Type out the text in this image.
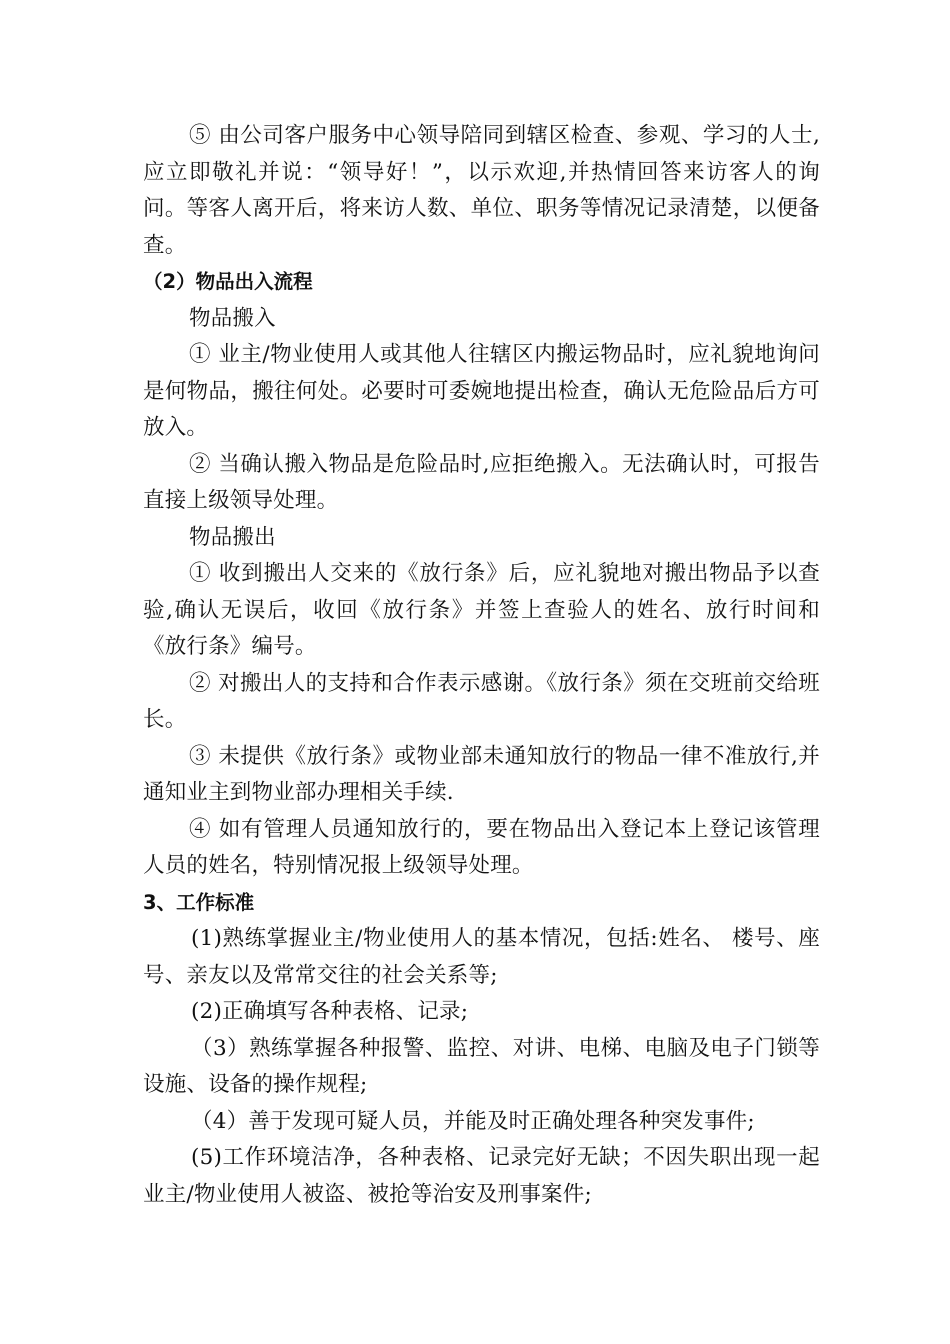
⑤ 由公司客户服务中心领导陪同到辖区检查、参观、学习的人士,应立即敬礼并说：“领导好！”，以示欢迎,并热情回答来访客人的询问。等客人离开后，将来访人数、单位、职务等情况记录清楚，以便备查。

（2）物品出入流程

物品搬入

① 业主/物业使用人或其他人往辖区内搬运物品时，应礼貌地询问是何物品，搬往何处。必要时可委婉地提出检查，确认无危险品后方可放入。

② 当确认搬入物品是危险品时,应拒绝搬入。无法确认时，可报告直接上级领导处理。

物品搬出

① 收到搬出人交来的《放行条》后，应礼貌地对搬出物品予以查验,确认无误后，收回《放行条》并签上查验人的姓名、放行时间和《放行条》编号。

② 对搬出人的支持和合作表示感谢。《放行条》须在交班前交给班长。

③ 未提供《放行条》或物业部未通知放行的物品一律不准放行,并通知业主到物业部办理相关手续.

④ 如有管理人员通知放行的，要在物品出入登记本上登记该管理人员的姓名，特别情况报上级领导处理。

3、工作标准

(1)熟练掌握业主/物业使用人的基本情况，包括:姓名、 楼号、座号、亲友以及常常交往的社会关系等;

(2)正确填写各种表格、记录;

（3）熟练掌握各种报警、监控、对讲、电梯、电脑及电子门锁等设施、设备的操作规程;

（4）善于发现可疑人员，并能及时正确处理各种突发事件;

(5)工作环境洁净，各种表格、记录完好无缺；不因失职出现一起业主/物业使用人被盗、被抢等治安及刑事案件;
